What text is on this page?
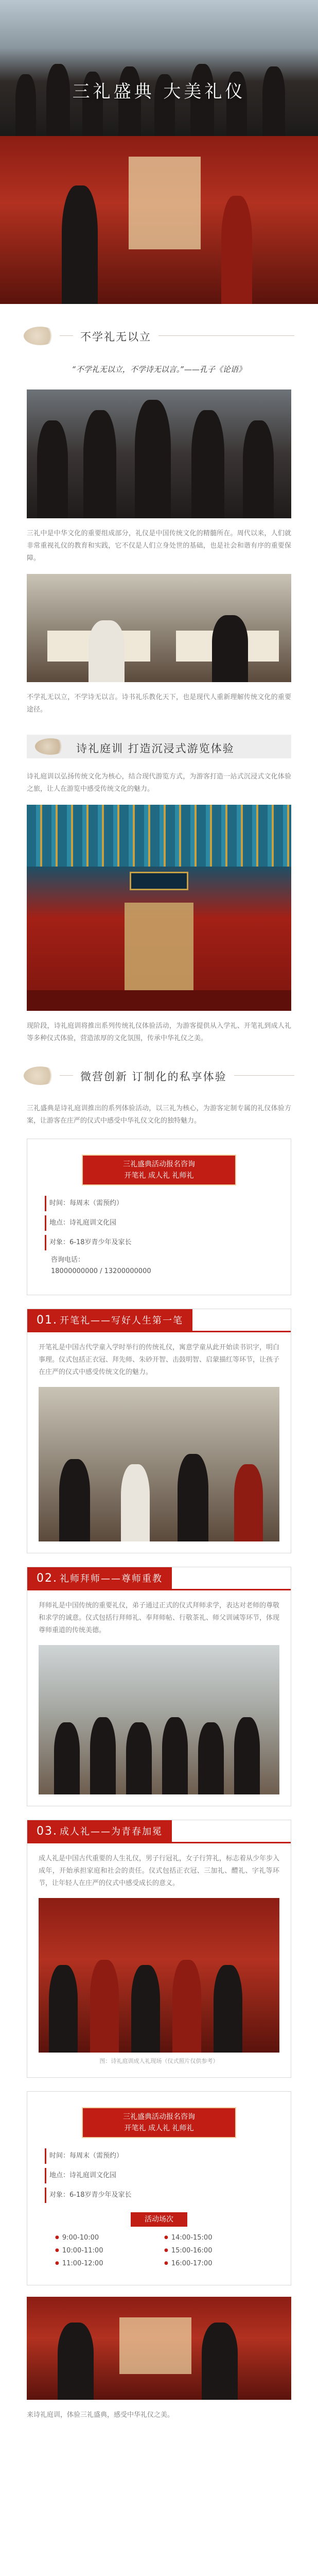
三礼盛典 大美礼仪
不学礼无以立
“不学礼无以立，不学诗无以言。”——孔子《论语》
三礼中是中华文化的重要组成部分，礼仪是中国传统文化的精髓所在。周代以来，人们就非常重视礼仪的教育和实践，它不仅是人们立身处世的基础，也是社会和谐有序的重要保障。
不学礼无以立，不学诗无以言。诗书礼乐教化天下，也是现代人重新理解传统文化的重要途径。
诗礼庭训 打造沉浸式游览体验
诗礼庭训以弘扬传统文化为核心，结合现代游览方式，为游客打造一站式沉浸式文化体验之旅，让人在游览中感受传统文化的魅力。
现阶段，诗礼庭训将推出系列传统礼仪体验活动，为游客提供从入学礼、开笔礼到成人礼等多种仪式体验，营造浓厚的文化氛围，传承中华礼仪之美。
微营创新 订制化的私享体验
三礼盛典是诗礼庭训推出的系列体验活动，以三礼为核心，为游客定制专属的礼仪体验方案，让游客在庄严的仪式中感受中华礼仪文化的独特魅力。
三礼盛典活动报名咨询
开笔礼 成人礼 礼师礼
时间：每周末（需预约）
地点：诗礼庭训文化园
对象：6-18岁青少年及家长
咨询电话：
18000000000 / 13200000000
01. 开笔礼——写好人生第一笔
开笔礼是中国古代学童入学时举行的传统礼仪，寓意学童从此开始读书识字，明白事理。仪式包括正衣冠、拜先师、朱砂开智、击鼓明智、启蒙描红等环节，让孩子在庄严的仪式中感受传统文化的魅力。
02. 礼师拜师——尊师重教
拜师礼是中国传统的重要礼仪，弟子通过正式的仪式拜师求学，表达对老师的尊敬和求学的诚意。仪式包括行拜师礼、奉拜师帖、行敬茶礼、师父训诫等环节，体现尊师重道的传统美德。
03. 成人礼——为青春加冕
成人礼是中国古代重要的人生礼仪，男子行冠礼，女子行笄礼，标志着从少年步入成年，开始承担家庭和社会的责任。仪式包括正衣冠、三加礼、醴礼、字礼等环节，让年轻人在庄严的仪式中感受成长的意义。
图：诗礼庭训成人礼现场（仪式照片仅供参考）
三礼盛典活动报名咨询
开笔礼 成人礼 礼师礼
时间：每周末（需预约）
地点：诗礼庭训文化园
对象：6-18岁青少年及家长
活动场次
● 9:00-10:00	● 14:00-15:00
● 10:00-11:00	● 15:00-16:00
● 11:00-12:00	● 16:00-17:00
来诗礼庭训，体验三礼盛典，感受中华礼仪之美。
